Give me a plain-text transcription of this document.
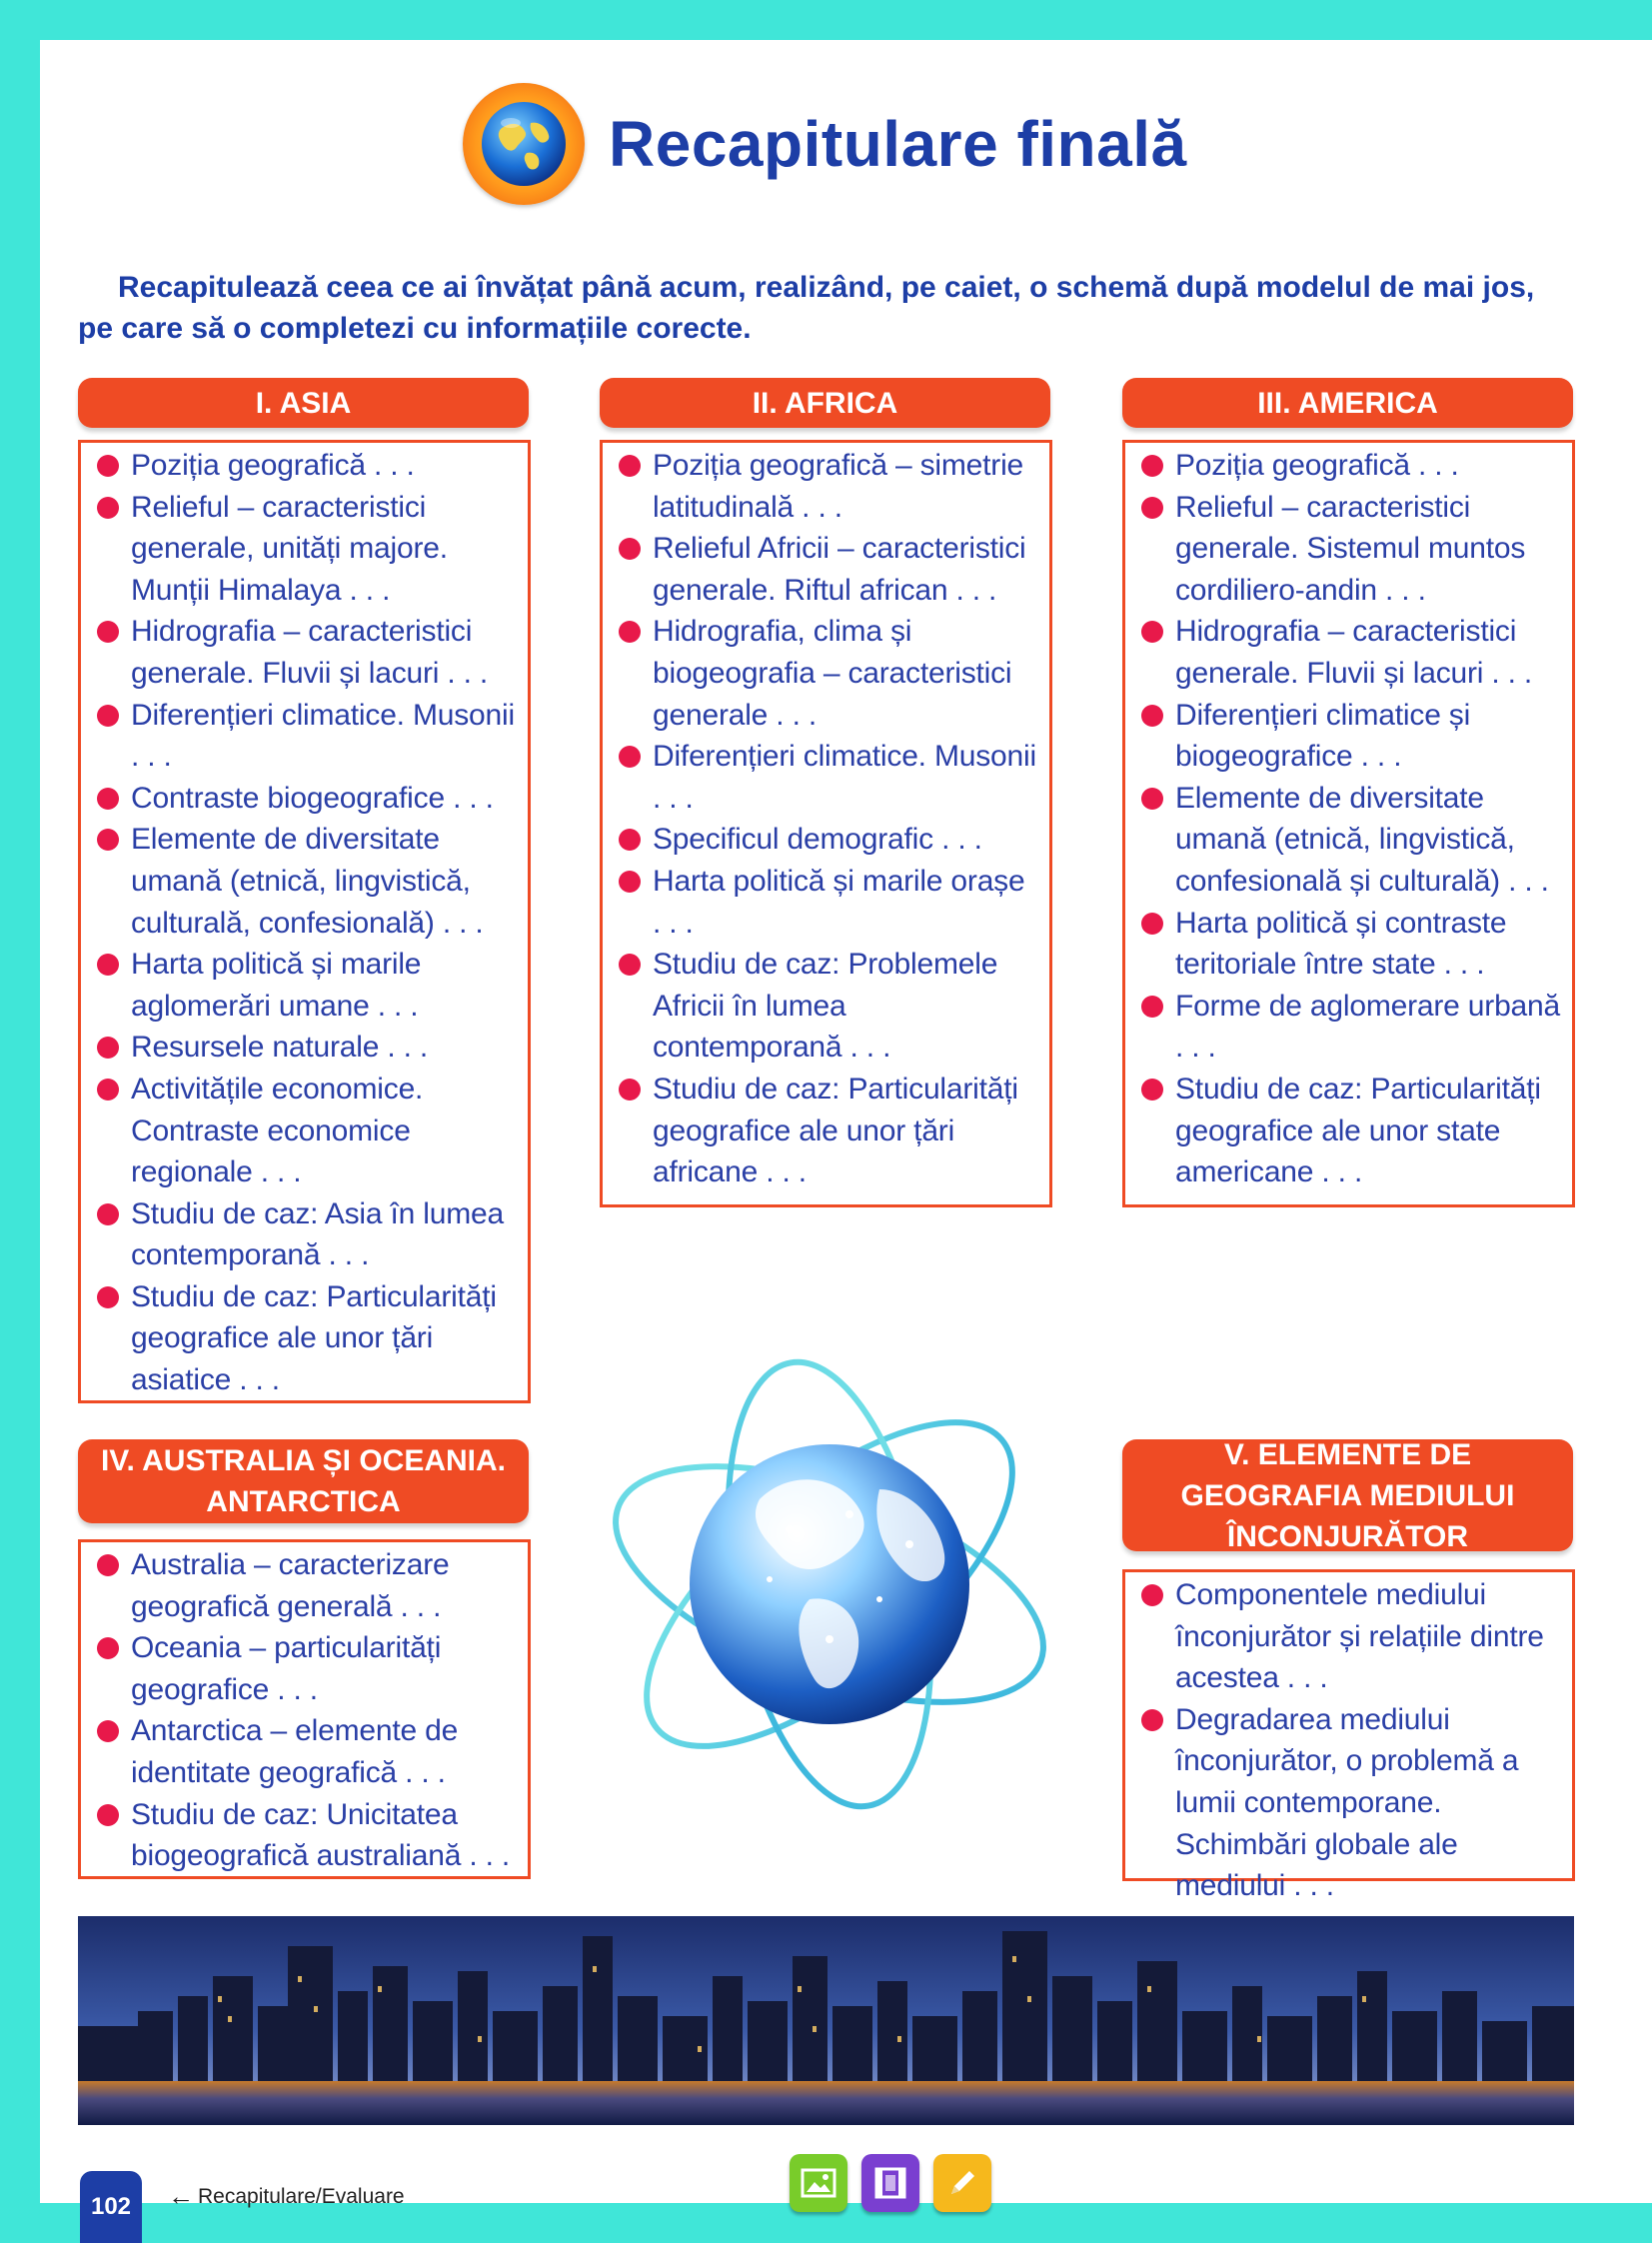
Recapitulare finală
Recapitulează ceea ce ai învățat până acum, realizând, pe caiet, o schemă după modelul de mai jos, pe care să o completezi cu informațiile corecte.
I. ASIA
Poziția geografică . . .
Relieful – caracteristici generale, unități majore. Munții Himalaya . . .
Hidrografia – caracteristici generale. Fluvii și lacuri . . .
Diferențieri climatice. Musonii . . .
Contraste biogeografice . . .
Elemente de diversitate umană (etnică, lingvistică, culturală, confesională) . . .
Harta politică și marile aglomerări umane . . .
Resursele naturale . . .
Activitățile economice. Contraste economice regionale . . .
Studiu de caz: Asia în lumea contemporană . . .
Studiu de caz: Particularități geografice ale unor țări asiatice . . .
II. AFRICA
Poziția geografică – simetrie latitudinală . . .
Relieful Africii – caracteristici generale. Riftul african . . .
Hidrografia, clima și biogeografia – caracteristici generale . . .
Diferențieri climatice. Musonii . . .
Specificul demografic . . .
Harta politică și marile orașe . . .
Studiu de caz: Problemele Africii în lumea contemporană . . .
Studiu de caz: Particularități geografice ale unor țări africane . . .
III. AMERICA
Poziția geografică . . .
Relieful – caracteristici generale. Sistemul muntos cordiliero-andin . . .
Hidrografia – caracteristici generale. Fluvii și lacuri . . .
Diferențieri climatice și biogeografice . . .
Elemente de diversitate umană (etnică, lingvistică, confesională și culturală) . . .
Harta politică și contraste teritoriale între state . . .
Forme de aglomerare urbană . . .
Studiu de caz: Particularități geografice ale unor state americane . . .
IV. AUSTRALIA ȘI OCEANIA. ANTARCTICA
Australia – caracterizare geografică generală . . .
Oceania – particularități geografice . . .
Antarctica – elemente de identitate geografică . . .
Studiu de caz: Unicitatea biogeografică australiană . . .
V. ELEMENTE DE GEOGRAFIA MEDIULUI ÎNCONJURĂTOR
Componentele mediului înconjurător și relațiile dintre acestea . . .
Degradarea mediului înconjurător, o problemă a lumii contemporane. Schimbări globale ale mediului . . .
102	← Recapitulare/Evaluare
